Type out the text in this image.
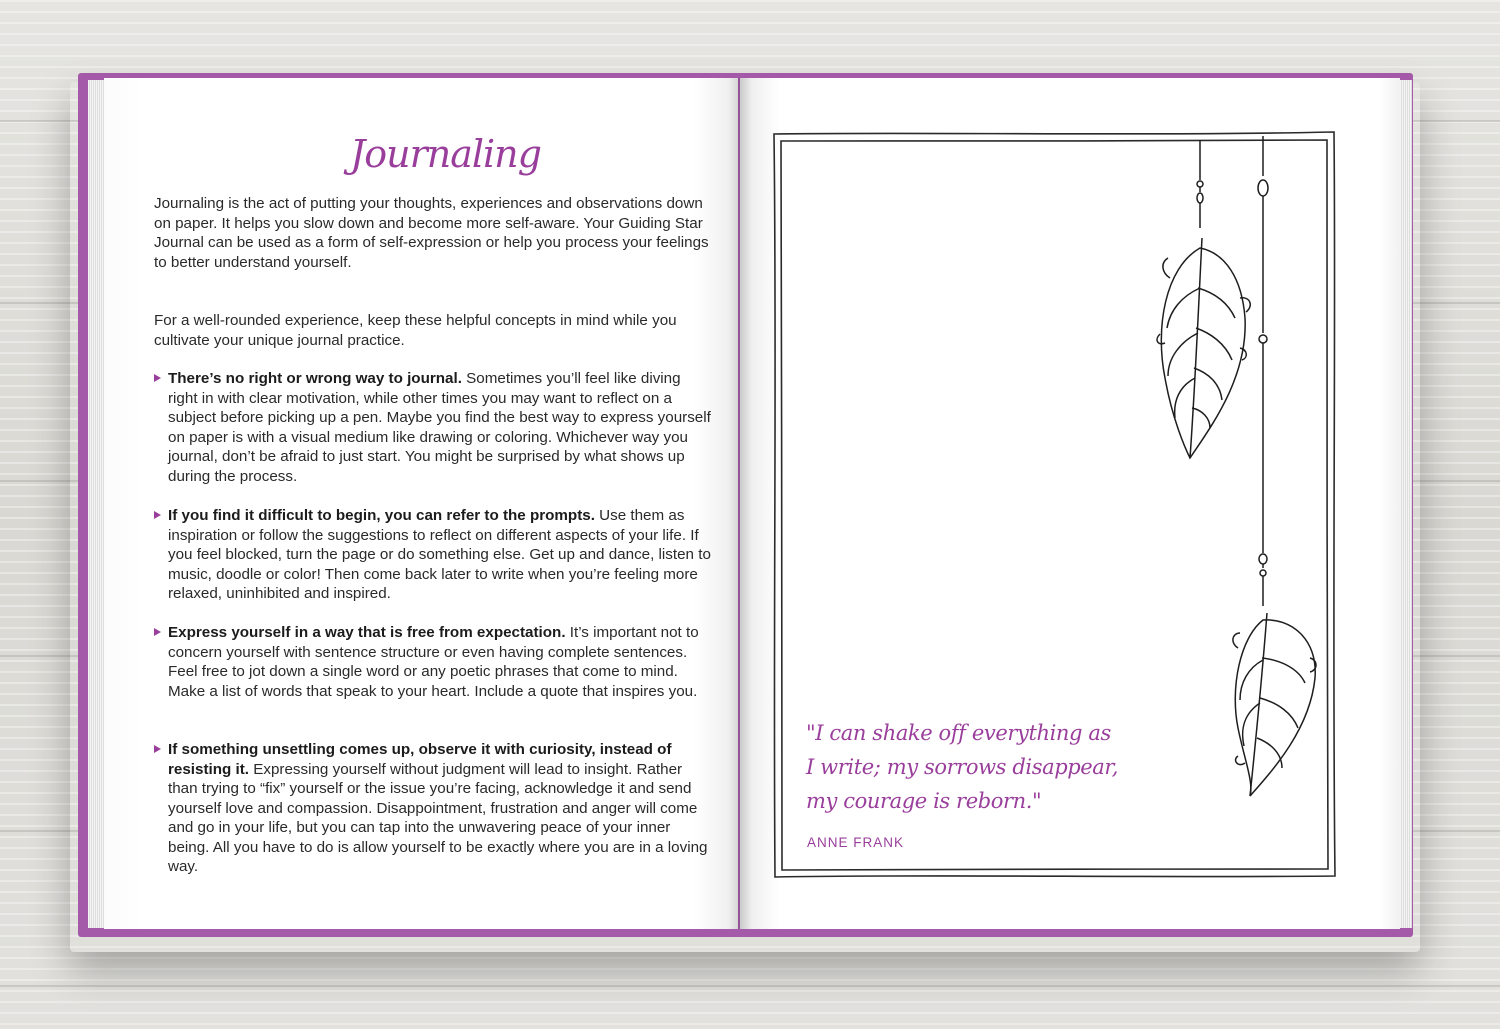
Journaling

Journaling is the act of putting your thoughts, experiences and observations down on paper. It helps you slow down and become more self-aware. Your Guiding Star Journal can be used as a form of self-expression or help you process your feelings to better understand yourself.

For a well-rounded experience, keep these helpful concepts in mind while you cultivate your unique journal practice.

There’s no right or wrong way to journal. Sometimes you’ll feel like diving right in with clear motivation, while other times you may want to reflect on a subject before picking up a pen. Maybe you find the best way to express yourself on paper is with a visual medium like drawing or coloring. Whichever way you journal, don’t be afraid to just start. You might be surprised by what shows up during the process.
If you find it difficult to begin, you can refer to the prompts. Use them as inspiration or follow the suggestions to reflect on different aspects of your life. If you feel blocked, turn the page or do something else. Get up and dance, listen to music, doodle or color! Then come back later to write when you’re feeling more relaxed, uninhibited and inspired.
Express yourself in a way that is free from expectation. It’s important not to concern yourself with sentence structure or even having complete sentences. Feel free to jot down a single word or any poetic phrases that come to mind. Make a list of words that speak to your heart. Include a quote that inspires you.
If something unsettling comes up, observe it with curiosity, instead of resisting it. Expressing yourself without judgment will lead to insight. Rather than trying to “fix” yourself or the issue you’re facing, acknowledge it and send yourself love and compassion. Disappointment, frustration and anger will come and go in your life, but you can tap into the unwavering peace of your inner being. All you have to do is allow yourself to be exactly where you are in a loving way.
"I can shake off everything as
I write; my sorrows disappear,
my courage is reborn."
ANNE FRANK
